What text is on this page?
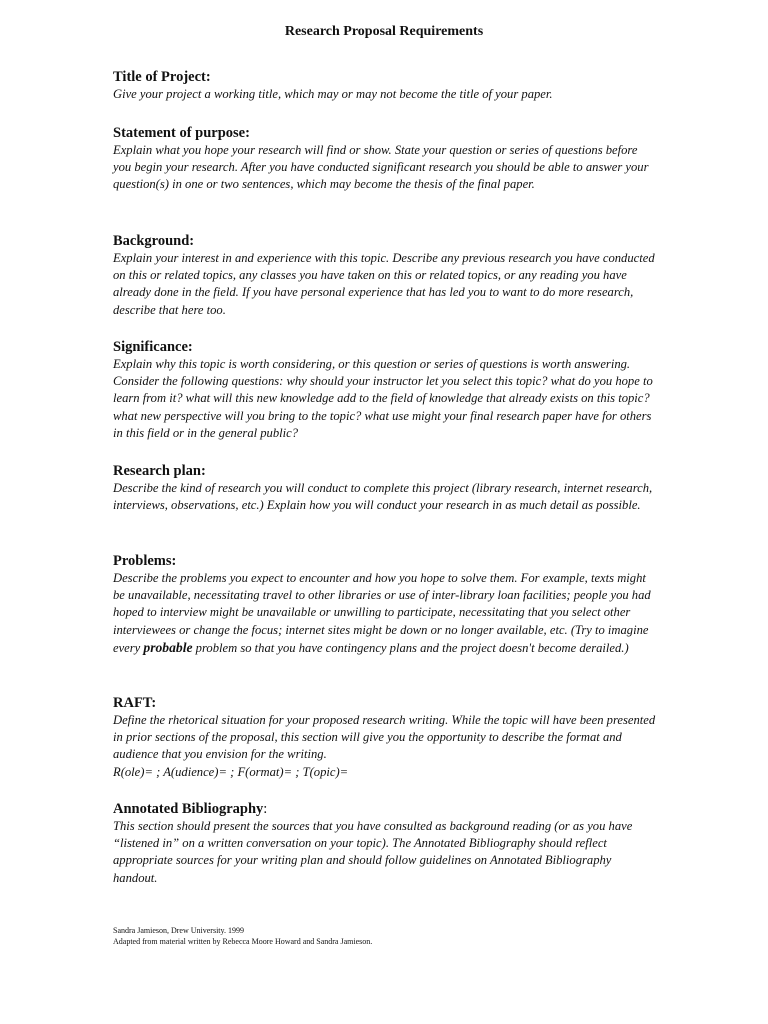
Research Proposal Requirements

Title of Project:

Give your project a working title, which may or may not become the title of your paper.

Statement of purpose:

Explain what you hope your research will find or show. State your question or series of questions before you begin your research. After you have conducted significant research you should be able to answer your question(s) in one or two sentences, which may become the thesis of the final paper.

Background:

Explain your interest in and experience with this topic. Describe any previous research you have conducted on this or related topics, any classes you have taken on this or related topics, or any reading you have already done in the field. If you have personal experience that has led you to want to do more research, describe that here too.

Significance:

Explain why this topic is worth considering, or this question or series of questions is worth answering. Consider the following questions: why should your instructor let you select this topic? what do you hope to learn from it? what will this new knowledge add to the field of knowledge that already exists on this topic? what new perspective will you bring to the topic? what use might your final research paper have for others in this field or in the general public?

Research plan:

Describe the kind of research you will conduct to complete this project (library research, internet research, interviews, observations, etc.) Explain how you will conduct your research in as much detail as possible.

Problems:

Describe the problems you expect to encounter and how you hope to solve them. For example, texts might be unavailable, necessitating travel to other libraries or use of inter-library loan facilities; people you had hoped to interview might be unavailable or unwilling to participate, necessitating that you select other interviewees or change the focus; internet sites might be down or no longer available, etc. (Try to imagine every probable problem so that you have contingency plans and the project doesn't become derailed.)

RAFT:

Define the rhetorical situation for your proposed research writing. While the topic will have been presented in prior sections of the proposal, this section will give you the opportunity to describe the format and audience that you envision for the writing.

R(ole)= ; A(udience)= ; F(ormat)= ; T(opic)=

Annotated Bibliography:

This section should present the sources that you have consulted as background reading (or as you have “listened in” on a written conversation on your topic). The Annotated Bibliography should reflect appropriate sources for your writing plan and should follow guidelines on Annotated Bibliography handout.

Sandra Jamieson, Drew University. 1999
Adapted from material written by Rebecca Moore Howard and Sandra Jamieson.
